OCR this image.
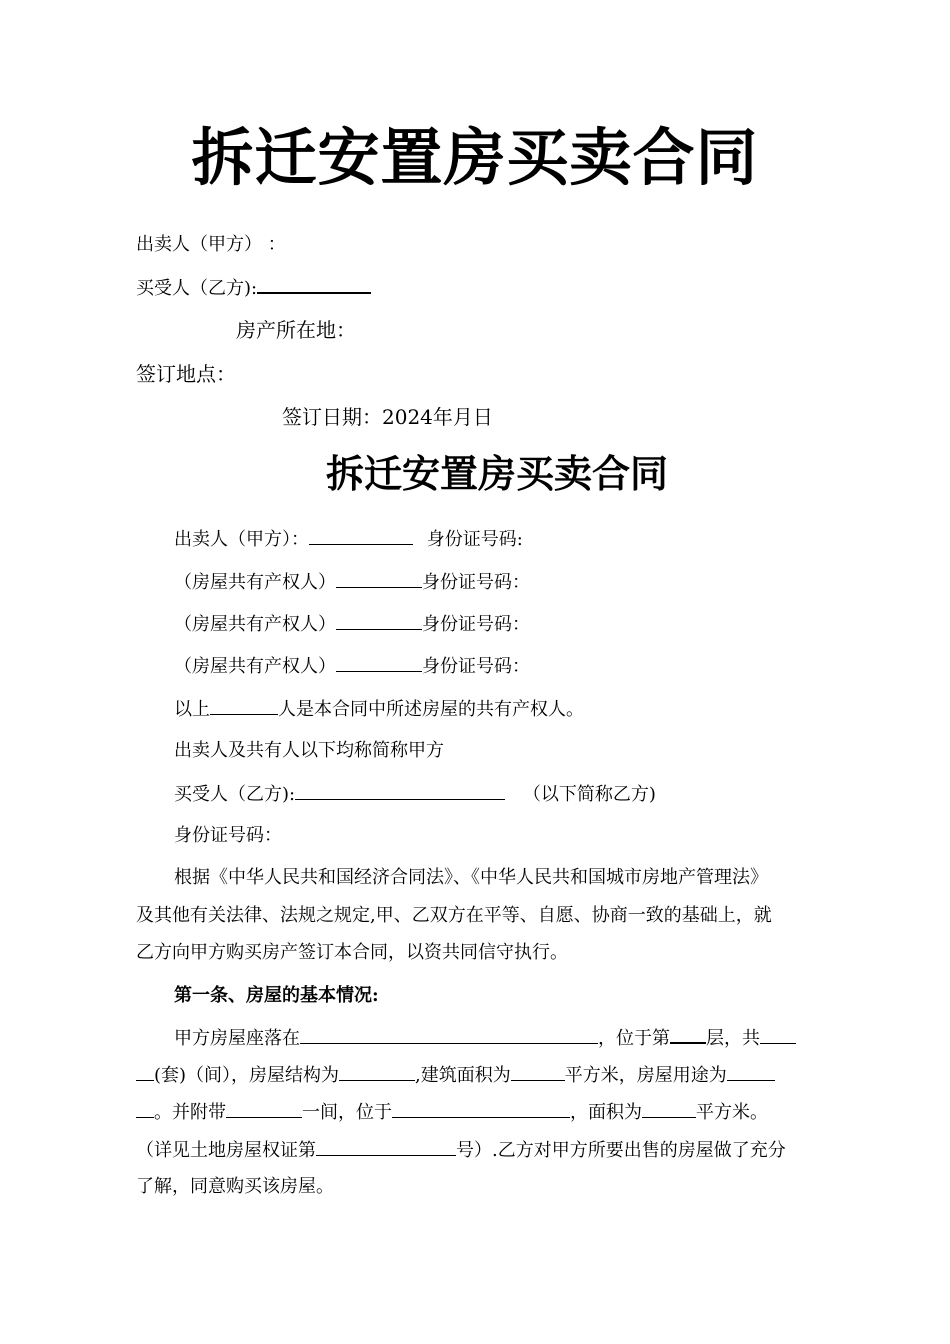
拆迁安置房买卖合同
出卖人（甲方） ：
买受人（乙方):
房产所在地：
签订地点：
签订日期：2024年月日
拆迁安置房买卖合同
出卖人（甲方）：	身份证号码:
（房屋共有产权人）	身份证号码：
（房屋共有产权人）	身份证号码：
（房屋共有产权人）	身份证号码：
以上	人是本合同中所述房屋的共有产权人。
出卖人及共有人以下均称简称甲方
买受人（乙方):	（以下简称乙方)
身份证号码：
根据《中华人民共和国经济合同法》、《中华人民共和国城市房地产管理法》
及其他有关法律、法规之规定,甲、乙双方在平等、自愿、协商一致的基础上，就
乙方向甲方购买房产签订本合同，以资共同信守执行。
第一条、房屋的基本情况:
甲方房屋座落在	，位于第 层，共
(套)（间），房屋结构为	,建筑面积为	平方米，房屋用途为
。并附带	一间，位于	，面积为	平方米。
（详见土地房屋权证第	号）.乙方对甲方所要出售的房屋做了充分
了解，同意购买该房屋。
